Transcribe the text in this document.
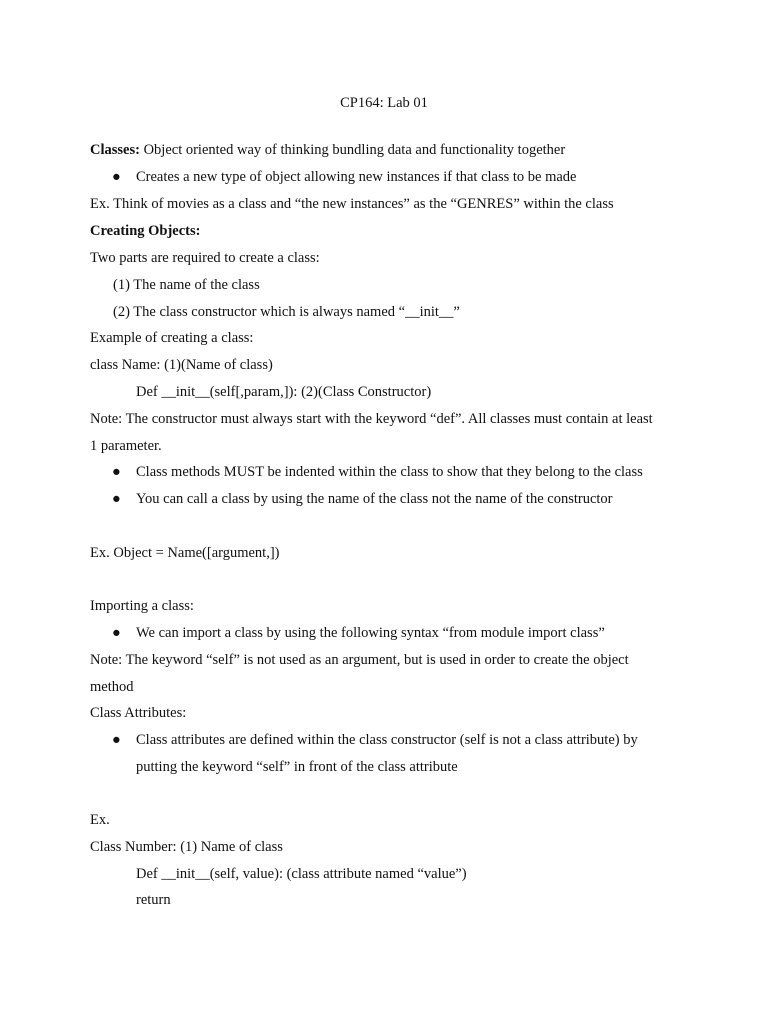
CP164: Lab 01
Classes: Object oriented way of thinking bundling data and functionality together
● Creates a new type of object allowing new instances if that class to be made
Ex. Think of movies as a class and “the new instances” as the “GENRES” within the class
Creating Objects:
Two parts are required to create a class:
(1) The name of the class
(2) The class constructor which is always named “__init__”
Example of creating a class:
class Name: (1)(Name of class)
Def __init__(self[,param,]): (2)(Class Constructor)
Note: The constructor must always start with the keyword “def”. All classes must contain at least
1 parameter.
● Class methods MUST be indented within the class to show that they belong to the class
● You can call a class by using the name of the class not the name of the constructor
Ex. Object = Name([argument,])
Importing a class:
● We can import a class by using the following syntax “from module import class”
Note: The keyword “self” is not used as an argument, but is used in order to create the object
method
Class Attributes:
● Class attributes are defined within the class constructor (self is not a class attribute) by
putting the keyword “self” in front of the class attribute
Ex.
Class Number: (1) Name of class
Def __init__(self, value): (class attribute named “value”)
return
